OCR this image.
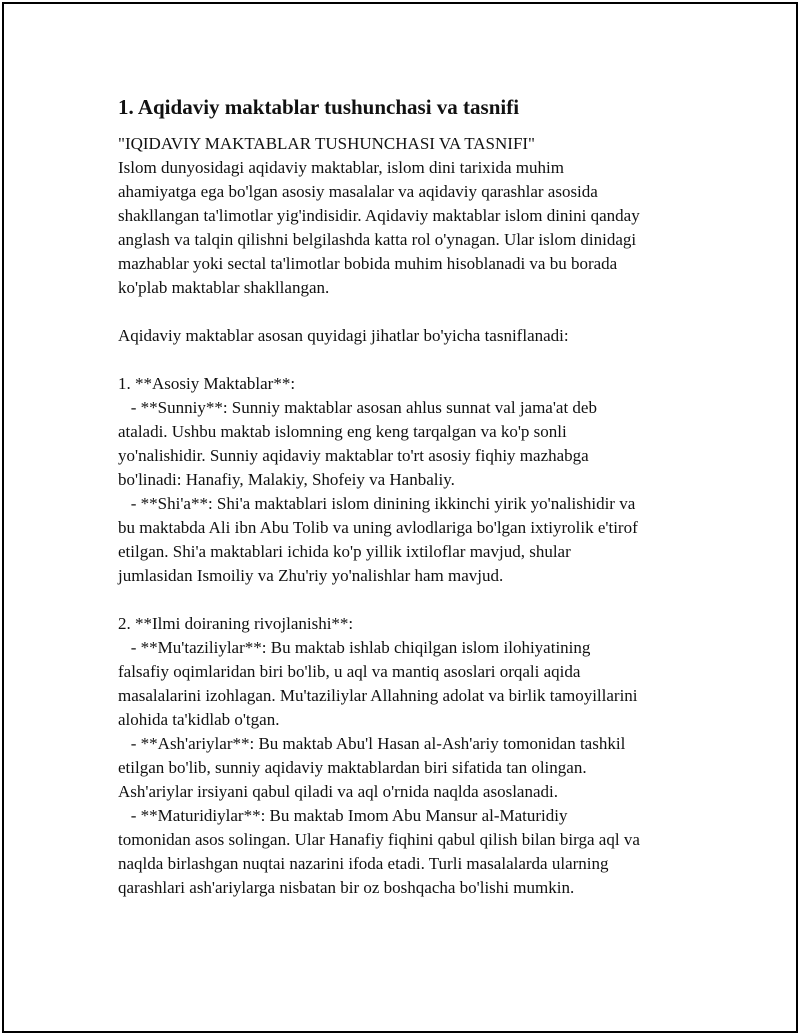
1. Aqidaviy maktablar tushunchasi va tasnifi

"IQIDAVIY MAKTABLAR TUSHUNCHASI VA TASNIFI"

Islom dunyosidagi aqidaviy maktablar, islom dini tarixida muhim
ahamiyatga ega bo'lgan asosiy masalalar va aqidaviy qarashlar asosida
shakllangan ta'limotlar yig'indisidir. Aqidaviy maktablar islom dinini qanday
anglash va talqin qilishni belgilashda katta rol o'ynagan. Ular islom dinidagi
mazhablar yoki sectal ta'limotlar bobida muhim hisoblanadi va bu borada
ko'plab maktablar shakllangan.

Aqidaviy maktablar asosan quyidagi jihatlar bo'yicha tasniflanadi:

1. **Asosiy Maktablar**:
- **Sunniy**: Sunniy maktablar asosan ahlus sunnat val jama'at deb
ataladi. Ushbu maktab islomning eng keng tarqalgan va ko'p sonli
yo'nalishidir. Sunniy aqidaviy maktablar to'rt asosiy fiqhiy mazhabga
bo'linadi: Hanafiy, Malakiy, Shofeiy va Hanbaliy.
- **Shi'a**: Shi'a maktablari islom dinining ikkinchi yirik yo'nalishidir va
bu maktabda Ali ibn Abu Tolib va uning avlodlariga bo'lgan ixtiyrolik e'tirof
etilgan. Shi'a maktablari ichida ko'p yillik ixtiloflar mavjud, shular
jumlasidan Ismoiliy va Zhu'riy yo'nalishlar ham mavjud.

2. **Ilmi doiraning rivojlanishi**:
- **Mu'taziliylar**: Bu maktab ishlab chiqilgan islom ilohiyatining
falsafiy oqimlaridan biri bo'lib, u aql va mantiq asoslari orqali aqida
masalalarini izohlagan. Mu'taziliylar Allahning adolat va birlik tamoyillarini
alohida ta'kidlab o'tgan.
- **Ash'ariylar**: Bu maktab Abu'l Hasan al-Ash'ariy tomonidan tashkil
etilgan bo'lib, sunniy aqidaviy maktablardan biri sifatida tan olingan.
Ash'ariylar irsiyani qabul qiladi va aql o'rnida naqlda asoslanadi.
- **Maturidiylar**: Bu maktab Imom Abu Mansur al-Maturidiy
tomonidan asos solingan. Ular Hanafiy fiqhini qabul qilish bilan birga aql va
naqlda birlashgan nuqtai nazarini ifoda etadi. Turli masalalarda ularning
qarashlari ash'ariylarga nisbatan bir oz boshqacha bo'lishi mumkin.
